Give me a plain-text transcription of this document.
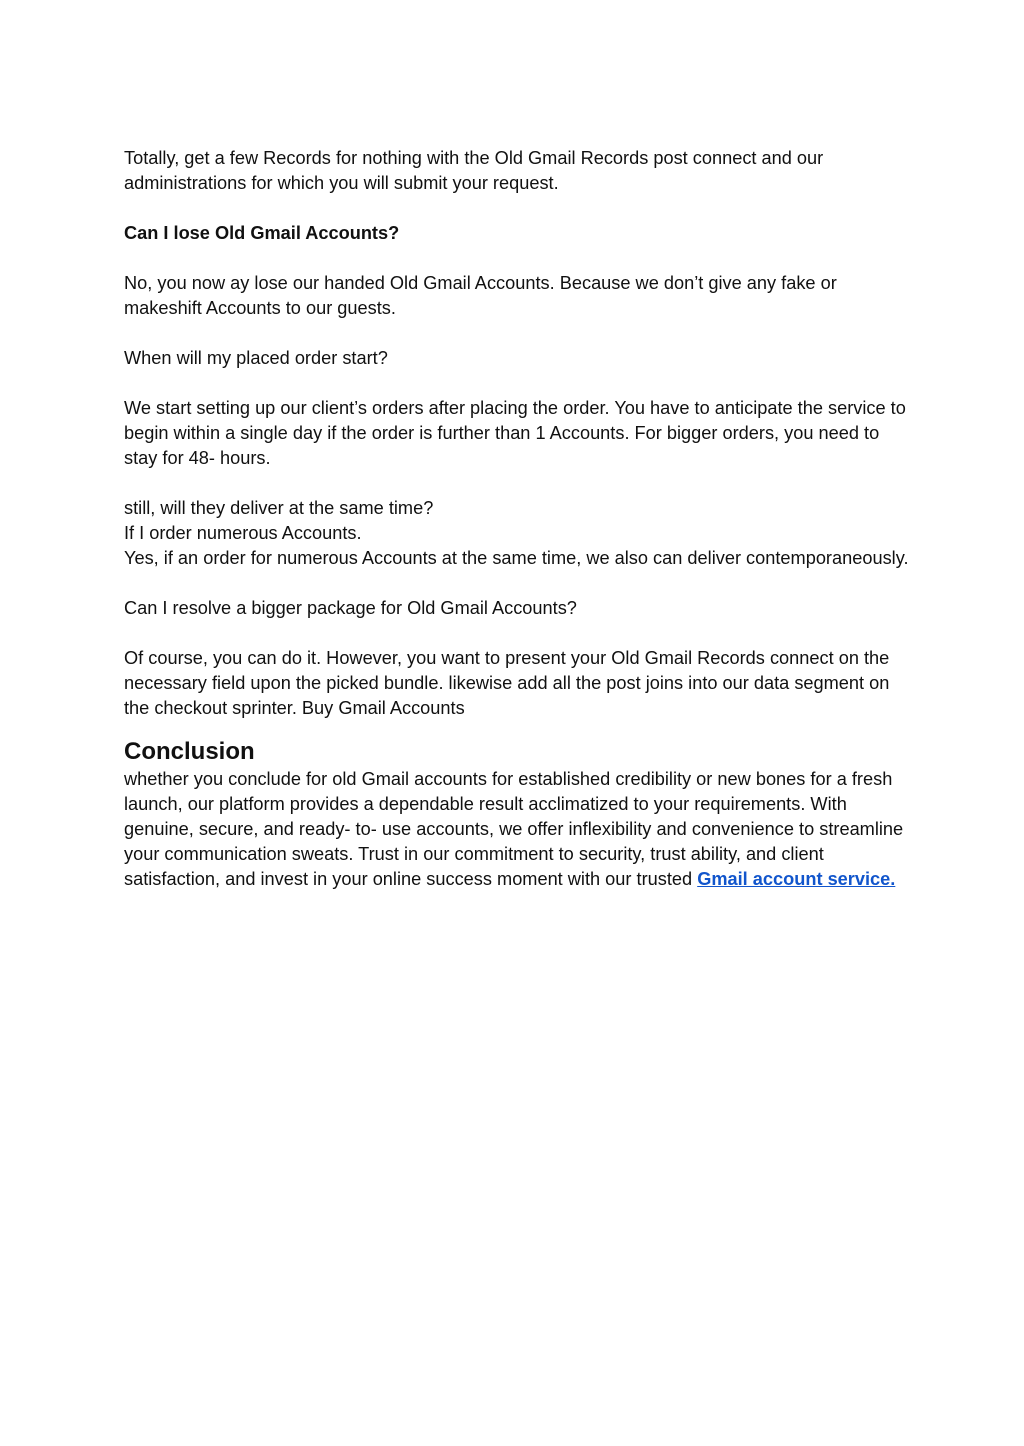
Totally, get a few Records for nothing with the Old Gmail Records post connect and our administrations for which you will submit your request.

Can I lose Old Gmail Accounts?

No, you now ay lose our handed Old Gmail Accounts. Because we don’t give any fake or makeshift Accounts to our guests.

When will my placed order start?

We start setting up our client’s orders after placing the order. You have to anticipate the service to begin within a single day if the order is further than 1 Accounts. For bigger orders, you need to stay for 48- hours.

still, will they deliver at the same time?

If I order numerous Accounts.

Yes, if an order for numerous Accounts at the same time, we also can deliver contemporaneously.

Can I resolve a bigger package for Old Gmail Accounts?

Of course, you can do it. However, you want to present your Old Gmail Records connect on the necessary field upon the picked bundle. likewise add all the post joins into our data segment on the checkout sprinter. Buy Gmail Accounts

Conclusion

whether you conclude for old Gmail accounts for established credibility or new bones for a fresh launch, our platform provides a dependable result acclimatized to your requirements. With genuine, secure, and ready- to- use accounts, we offer inflexibility and convenience to streamline your communication sweats. Trust in our commitment to security, trust ability, and client satisfaction, and invest in your online success moment with our trusted Gmail account service.
